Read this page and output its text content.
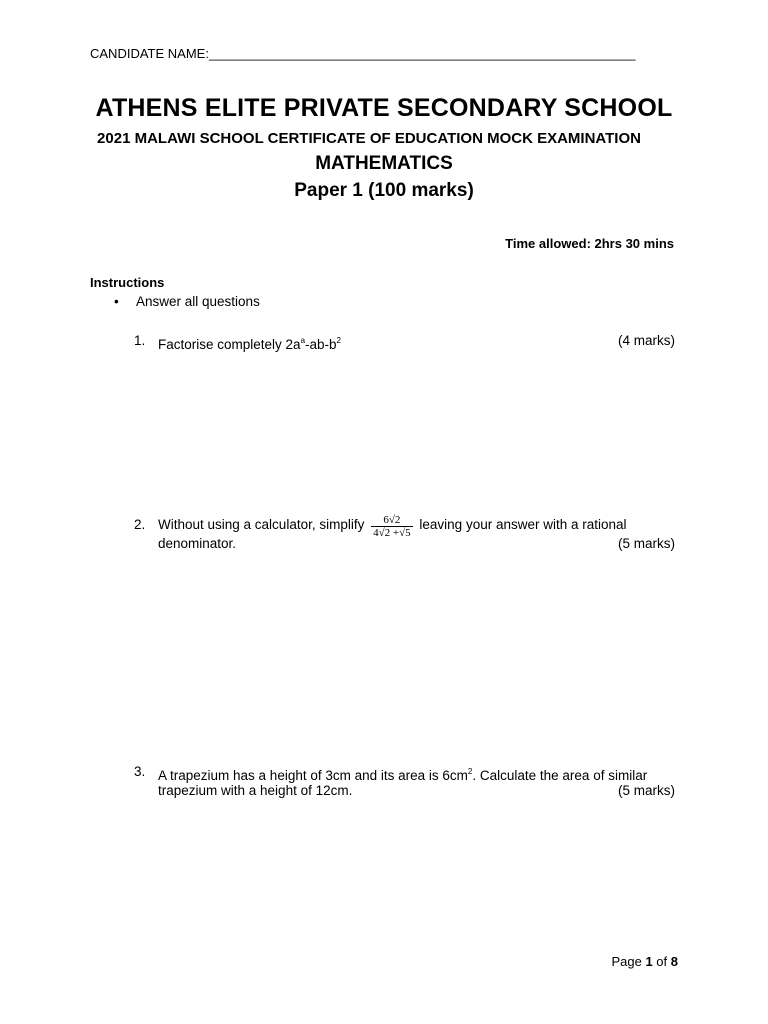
CANDIDATE NAME:___________________________________________________________
ATHENS ELITE PRIVATE SECONDARY SCHOOL
2021 MALAWI SCHOOL CERTIFICATE OF EDUCATION MOCK EXAMINATION
MATHEMATICS
Paper 1 (100 marks)
Time allowed: 2hrs 30 mins
Instructions
• Answer all questions
1. Factorise completely $2a^a-ab-b^2$	(4 marks)
2. Without using a calculator, simplify $\frac{6√2}{4√2 +√5}$ leaving your answer with a rational
denominator.	(5 marks)
3. A trapezium has a height of 3cm and its area is $6cm^2$. Calculate the area of similar
trapezium with a height of 12cm.	(5 marks)
Page 1 of 8
